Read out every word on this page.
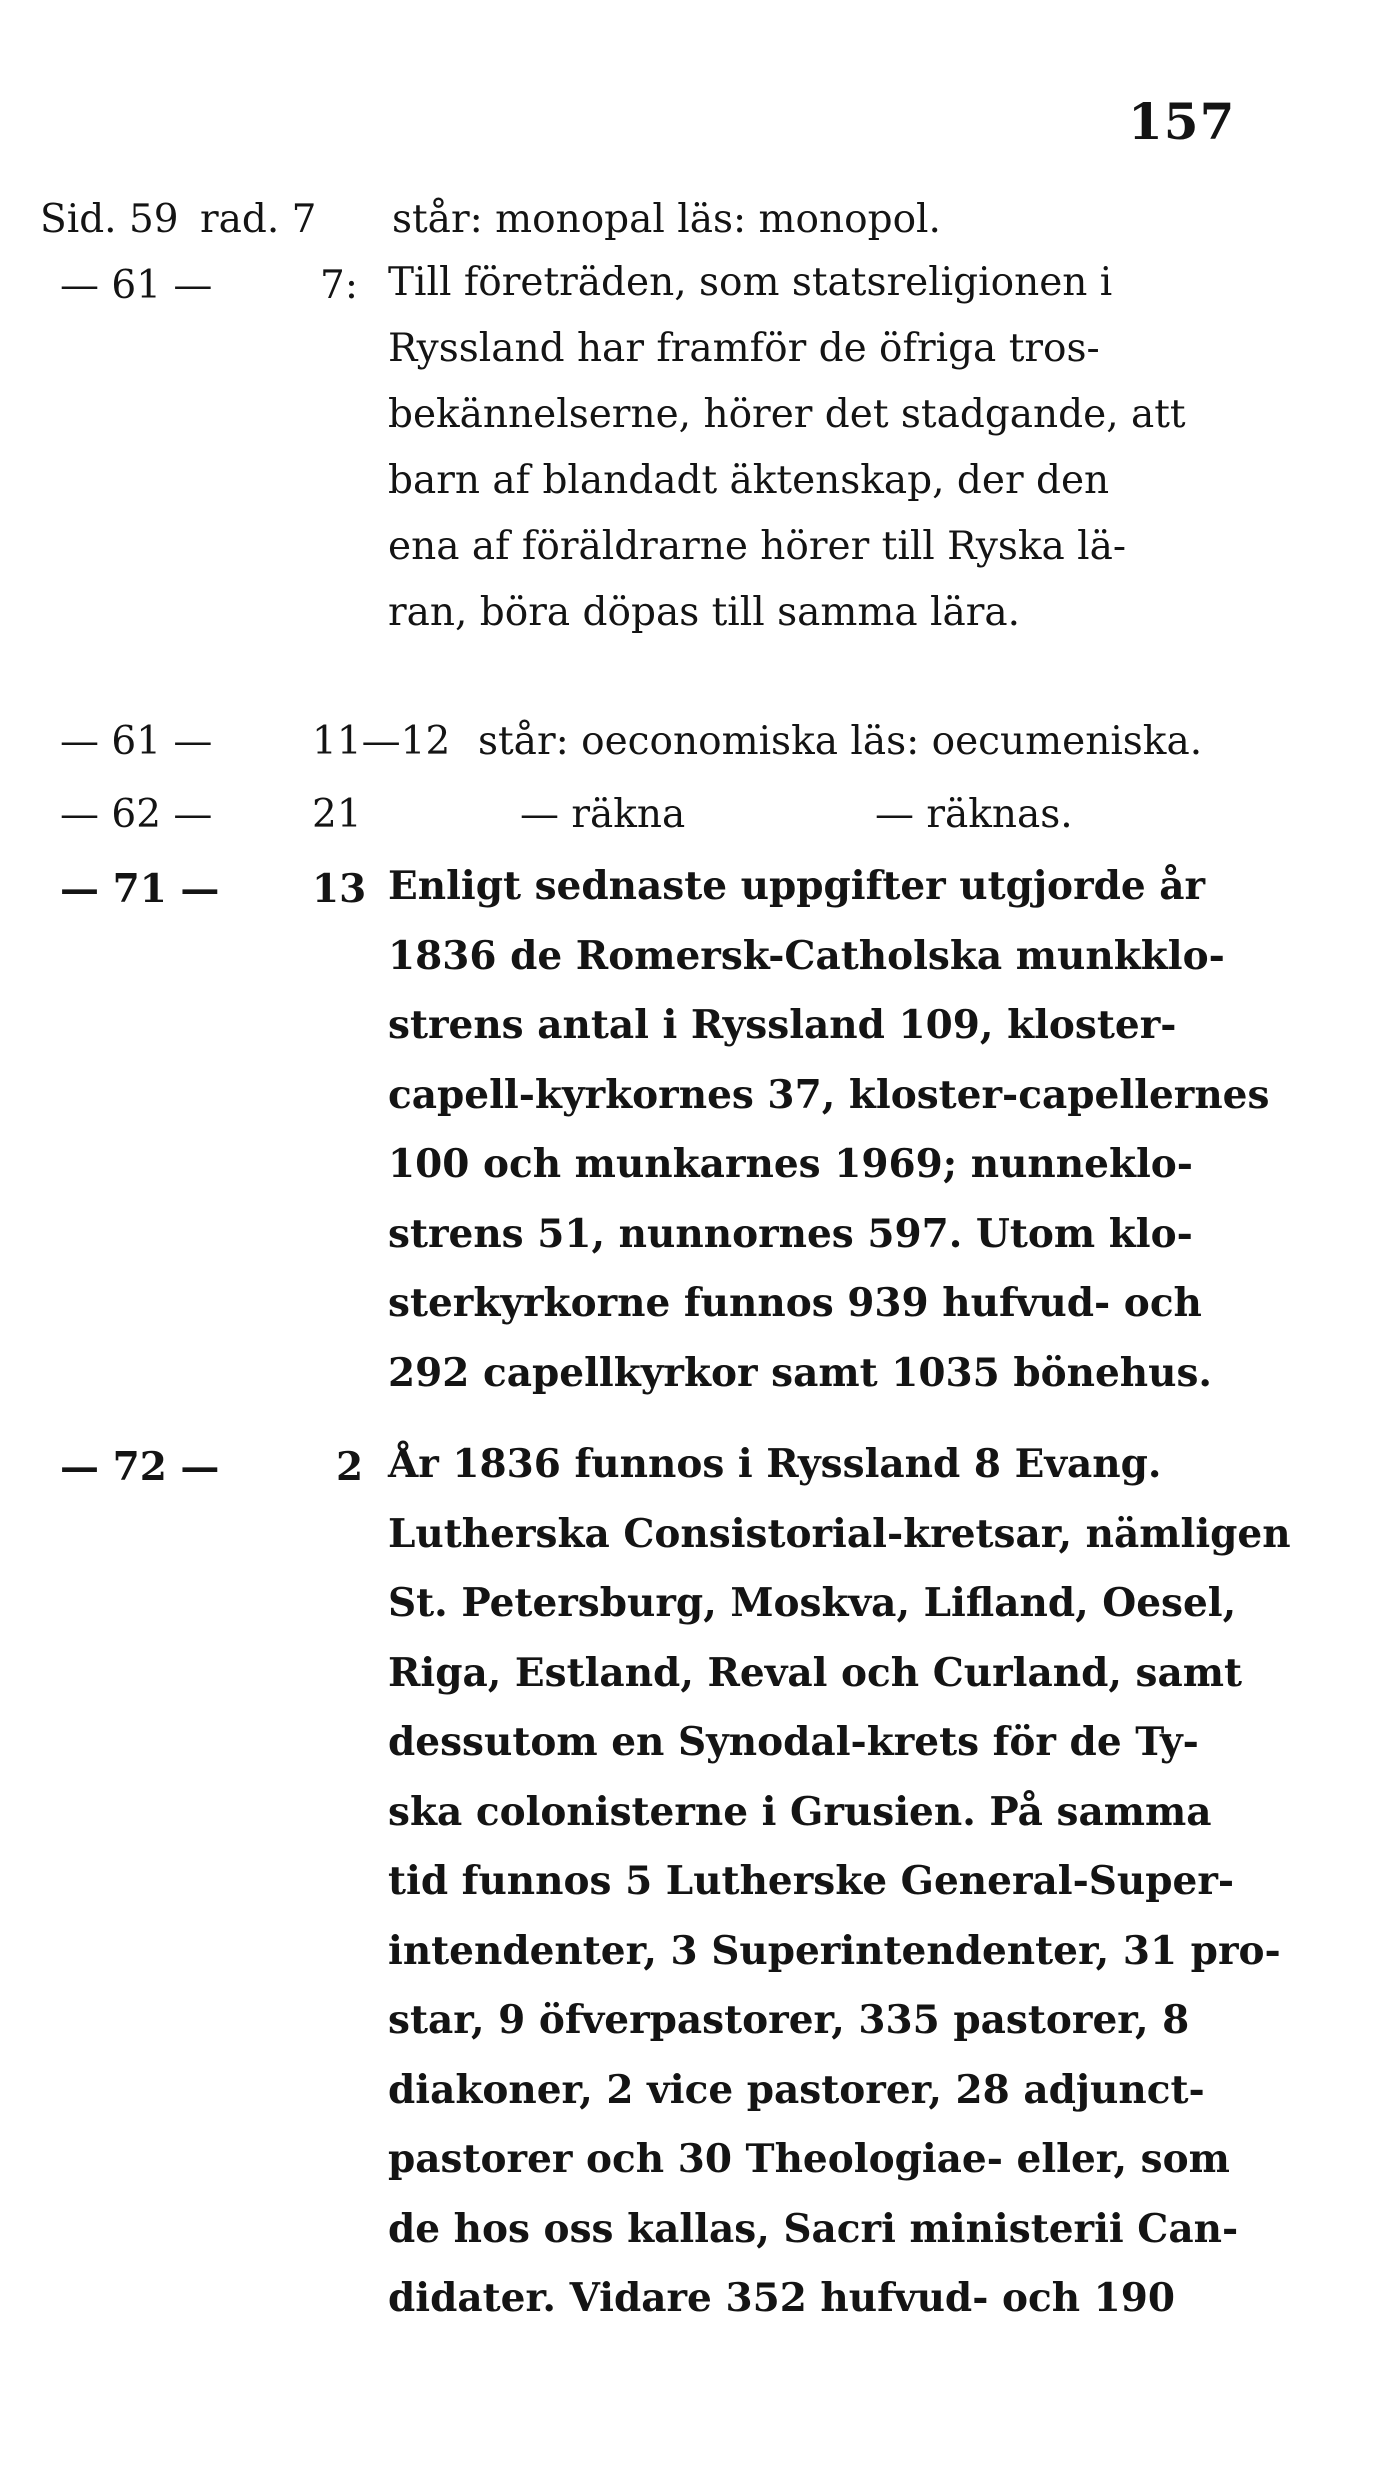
157
Sid. 59 rad. 7 står: monopal läs: monopol.
— 61 —	7: Till företräden, som statsreligionen i
Ryssland har framför de öfriga tros-
bekännelserne, hörer det stadgande, att
barn af blandadt äktenskap, der den
ena af föräldrarne hörer till Ryska lä-
ran, böra döpas till samma lära.
— 61 —	11—12 står: oeconomiska läs: oecumeniska.
— 62 —	21	— räkna	— räknas.
— 71 — 13 Enligt sednaste uppgifter utgjorde år
1836 de Romersk-Catholska munkklo-
strens antal i Ryssland 109, kloster-
capell-kyrkornes 37, kloster-capellernes
100 och munkarnes 1969; nunneklo-
strens 51, nunnornes 597. Utom klo-
sterkyrkorne funnos 939 hufvud- och
292 capellkyrkor samt 1035 bönehus.
— 72 —	2 År 1836 funnos i Ryssland 8 Evang.
Lutherska Consistorial-kretsar, nämligen
St. Petersburg, Moskva, Lifland, Oesel,
Riga, Estland, Reval och Curland, samt
dessutom en Synodal-krets för de Ty-
ska colonisterne i Grusien. På samma
tid funnos 5 Lutherske General-Super-
intendenter, 3 Superintendenter, 31 pro-
star, 9 öfverpastorer, 335 pastorer, 8
diakoner, 2 vice pastorer, 28 adjunct-
pastorer och 30 Theologiae- eller, som
de hos oss kallas, Sacri ministerii Can-
didater. Vidare 352 hufvud- och 190
